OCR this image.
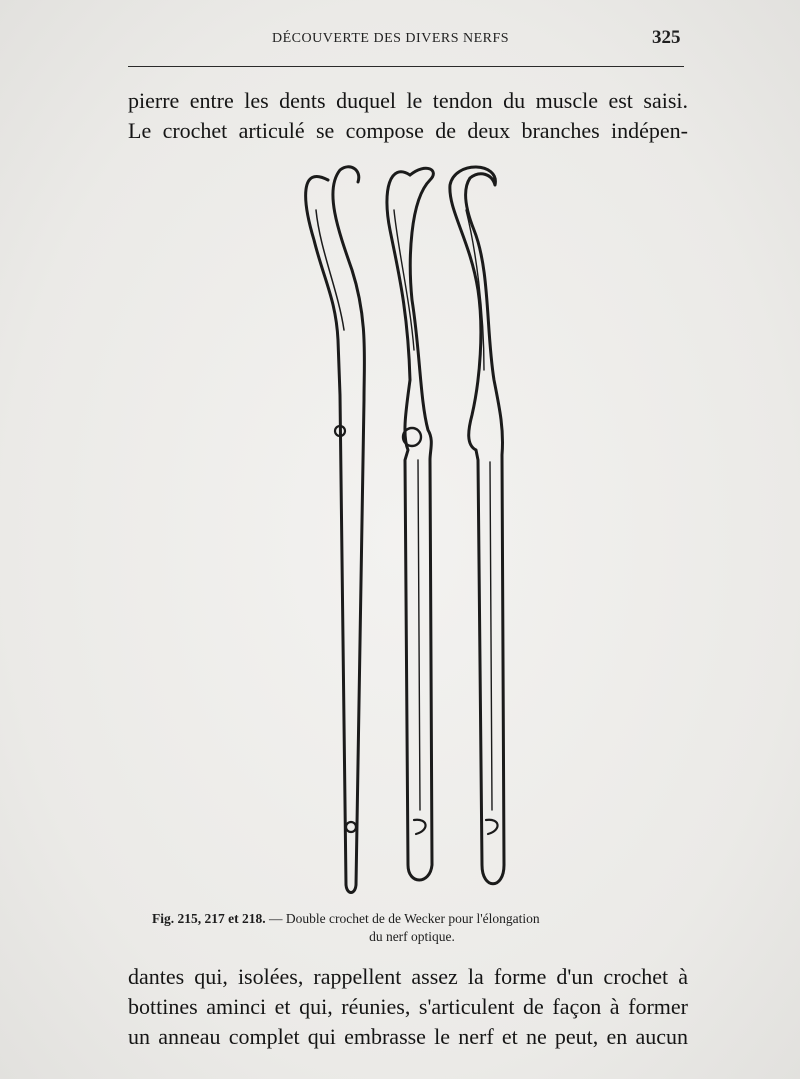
DÉCOUVERTE DES DIVERS NERFS	325
pierre entre les dents duquel le tendon du muscle est saisi.
Le crochet articulé se compose de deux branches indépen-
Fig. 215, 217 et 218. — Double crochet de de Wecker pour l'élongation
du nerf optique.
dantes qui, isolées, rappellent assez la forme d'un crochet à
bottines aminci et qui, réunies, s'articulent de façon à former
un anneau complet qui embrasse le nerf et ne peut, en aucun
